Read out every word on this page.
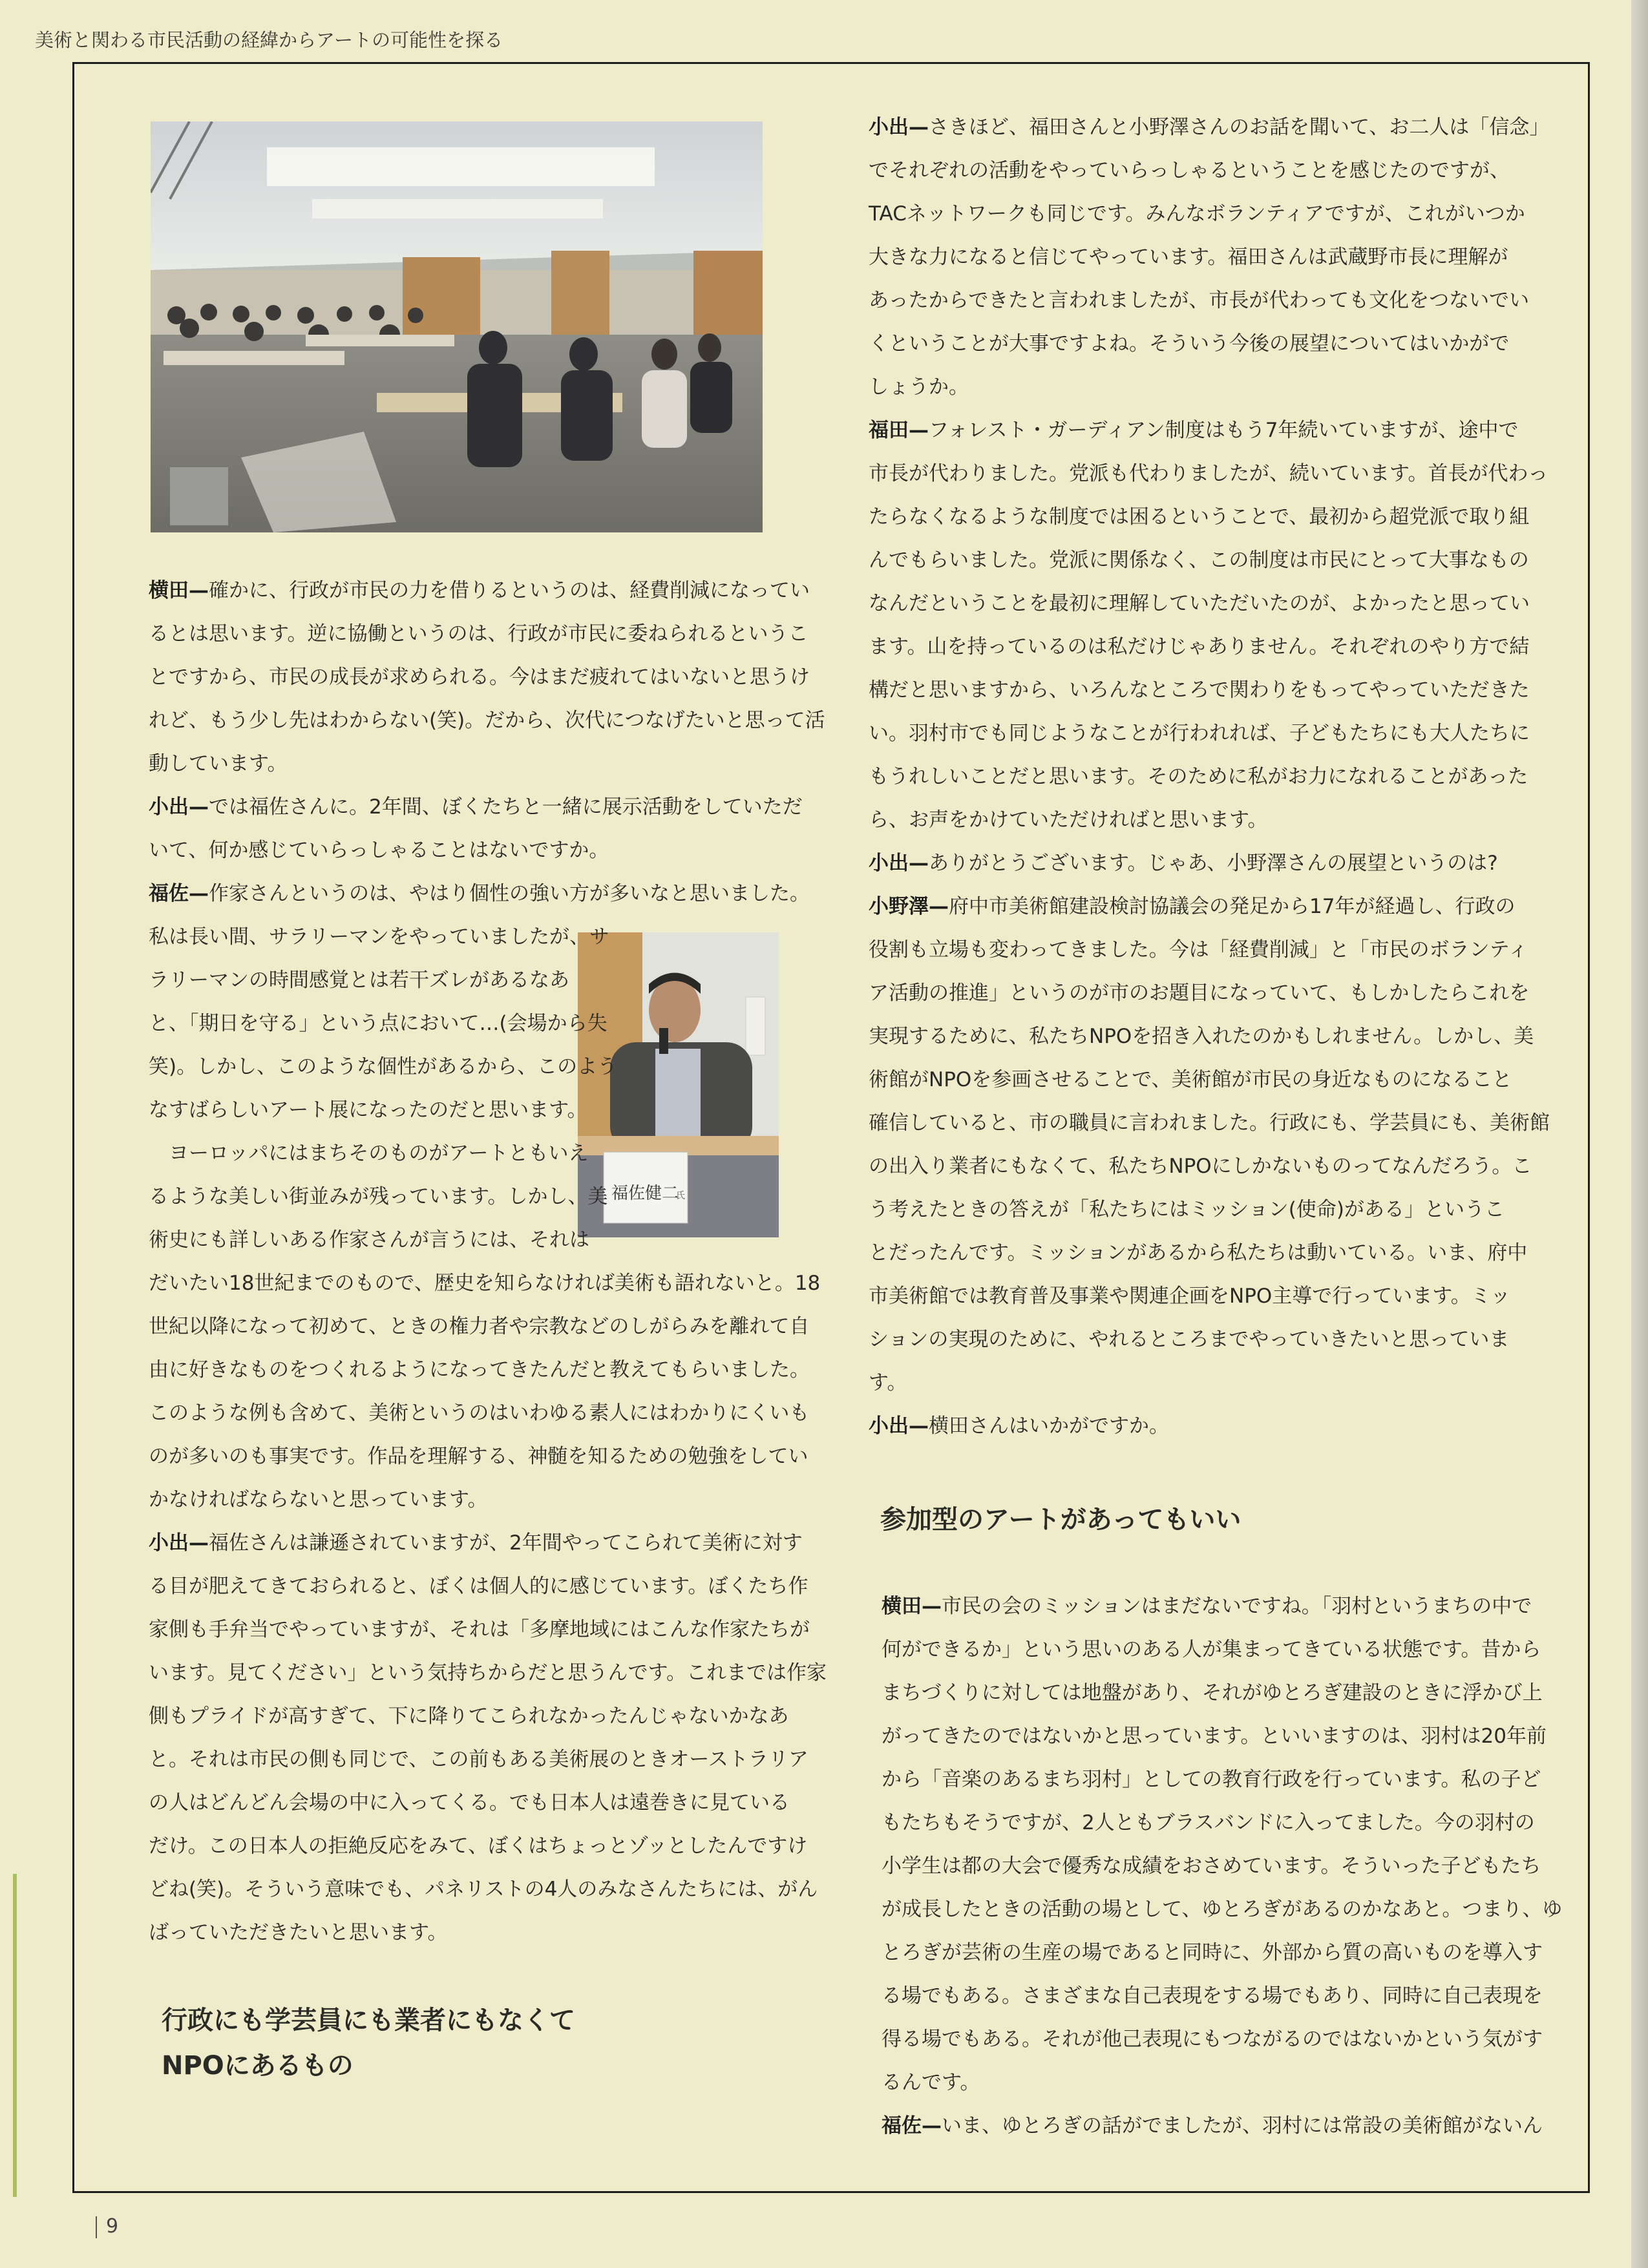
美術と関わる市民活動の経緯からアートの可能性を探る
福佐健二
氏
横田—確かに、行政が市民の力を借りるというのは、経費削減になってい
るとは思います。逆に協働というのは、行政が市民に委ねられるというこ
とですから、市民の成長が求められる。今はまだ疲れてはいないと思うけ
れど、もう少し先はわからない(笑)。だから、次代につなげたいと思って活
動しています。
小出—では福佐さんに。2年間、ぼくたちと一緒に展示活動をしていただ
いて、何か感じていらっしゃることはないですか。
福佐—作家さんというのは、やはり個性の強い方が多いなと思いました。
私は長い間、サラリーマンをやっていましたが、サ
ラリーマンの時間感覚とは若干ズレがあるなあ
と、「期日を守る」という点において…(会場から失
笑)。しかし、このような個性があるから、このよう
なすばらしいアート展になったのだと思います。
　ヨーロッパにはまちそのものがアートともいえ
るような美しい街並みが残っています。しかし、美
術史にも詳しいある作家さんが言うには、それは
だいたい18世紀までのもので、歴史を知らなければ美術も語れないと。18
世紀以降になって初めて、ときの権力者や宗教などのしがらみを離れて自
由に好きなものをつくれるようになってきたんだと教えてもらいました。
このような例も含めて、美術というのはいわゆる素人にはわかりにくいも
のが多いのも事実です。作品を理解する、神髄を知るための勉強をしてい
かなければならないと思っています。
小出—福佐さんは謙遜されていますが、2年間やってこられて美術に対す
る目が肥えてきておられると、ぼくは個人的に感じています。ぼくたち作
家側も手弁当でやっていますが、それは「多摩地域にはこんな作家たちが
います。見てください」という気持ちからだと思うんです。これまでは作家
側もプライドが高すぎて、下に降りてこられなかったんじゃないかなあ
と。それは市民の側も同じで、この前もある美術展のときオーストラリア
の人はどんどん会場の中に入ってくる。でも日本人は遠巻きに見ている
だけ。この日本人の拒絶反応をみて、ぼくはちょっとゾッとしたんですけ
どね(笑)。そういう意味でも、パネリストの4人のみなさんたちには、がん
ばっていただきたいと思います。
行政にも学芸員にも業者にもなくて
NPOにあるもの
小出—さきほど、福田さんと小野澤さんのお話を聞いて、お二人は「信念」
でそれぞれの活動をやっていらっしゃるということを感じたのですが、
TACネットワークも同じです。みんなボランティアですが、これがいつか
大きな力になると信じてやっています。福田さんは武蔵野市長に理解が
あったからできたと言われましたが、市長が代わっても文化をつないでい
くということが大事ですよね。そういう今後の展望についてはいかがで
しょうか。
福田—フォレスト・ガーディアン制度はもう7年続いていますが、途中で
市長が代わりました。党派も代わりましたが、続いています。首長が代わっ
たらなくなるような制度では困るということで、最初から超党派で取り組
んでもらいました。党派に関係なく、この制度は市民にとって大事なもの
なんだということを最初に理解していただいたのが、よかったと思ってい
ます。山を持っているのは私だけじゃありません。それぞれのやり方で結
構だと思いますから、いろんなところで関わりをもってやっていただきた
い。羽村市でも同じようなことが行われれば、子どもたちにも大人たちに
もうれしいことだと思います。そのために私がお力になれることがあった
ら、お声をかけていただければと思います。
小出—ありがとうございます。じゃあ、小野澤さんの展望というのは?
小野澤—府中市美術館建設検討協議会の発足から17年が経過し、行政の
役割も立場も変わってきました。今は「経費削減」と「市民のボランティ
ア活動の推進」というのが市のお題目になっていて、もしかしたらこれを
実現するために、私たちNPOを招き入れたのかもしれません。しかし、美
術館がNPOを参画させることで、美術館が市民の身近なものになること
確信していると、市の職員に言われました。行政にも、学芸員にも、美術館
の出入り業者にもなくて、私たちNPOにしかないものってなんだろう。こ
う考えたときの答えが「私たちにはミッション(使命)がある」というこ
とだったんです。ミッションがあるから私たちは動いている。いま、府中
市美術館では教育普及事業や関連企画をNPO主導で行っています。ミッ
ションの実現のために、やれるところまでやっていきたいと思っていま
す。
小出—横田さんはいかがですか。
参加型のアートがあってもいい
横田—市民の会のミッションはまだないですね。「羽村というまちの中で
何ができるか」という思いのある人が集まってきている状態です。昔から
まちづくりに対しては地盤があり、それがゆとろぎ建設のときに浮かび上
がってきたのではないかと思っています。といいますのは、羽村は20年前
から「音楽のあるまち羽村」としての教育行政を行っています。私の子ど
もたちもそうですが、2人ともブラスバンドに入ってました。今の羽村の
小学生は都の大会で優秀な成績をおさめています。そういった子どもたち
が成長したときの活動の場として、ゆとろぎがあるのかなあと。つまり、ゆ
とろぎが芸術の生産の場であると同時に、外部から質の高いものを導入す
る場でもある。さまざまな自己表現をする場でもあり、同時に自己表現を
得る場でもある。それが他己表現にもつながるのではないかという気がす
るんです。
福佐—いま、ゆとろぎの話がでましたが、羽村には常設の美術館がないん
9
